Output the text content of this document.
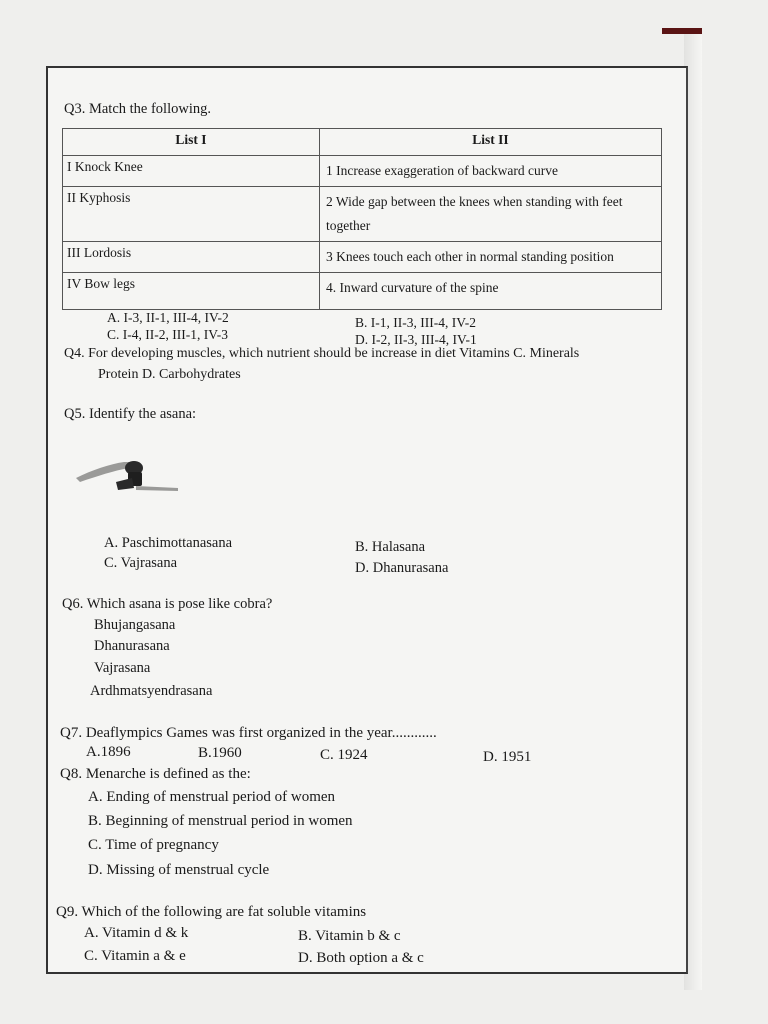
Q3. Match the following.
List I	List II
I Knock Knee	1 Increase exaggeration of backward curve
II Kyphosis	2 Wide gap between the knees when standing with feet together
III Lordosis	3 Knees touch each other in normal standing position
IV Bow legs	4. Inward curvature of the spine
A. I-3, II-1, III-4, IV-2
C. I-4, II-2, III-1, IV-3
B. I-1, II-3, III-4, IV-2
D. I-2, II-3, III-4, IV-1
Q4. For developing muscles, which nutrient should be increase in diet Vitamins C. Minerals
Protein D. Carbohydrates
Q5. Identify the asana:
A. Paschimottanasana
C. Vajrasana
B. Halasana
D. Dhanurasana
Q6. Which asana is pose like cobra?
Bhujangasana
Dhanurasana
Vajrasana
Ardhmatsyendrasana
Q7. Deaflympics Games was first organized in the year............
A.1896	B.1960	C. 1924	D. 1951
Q8. Menarche is defined as the:
A. Ending of menstrual period of women
B. Beginning of menstrual period in women
C. Time of pregnancy
D. Missing of menstrual cycle
Q9. Which of the following are fat soluble vitamins
A. Vitamin d & k
C. Vitamin a & e
B. Vitamin b & c
D. Both option a & c
